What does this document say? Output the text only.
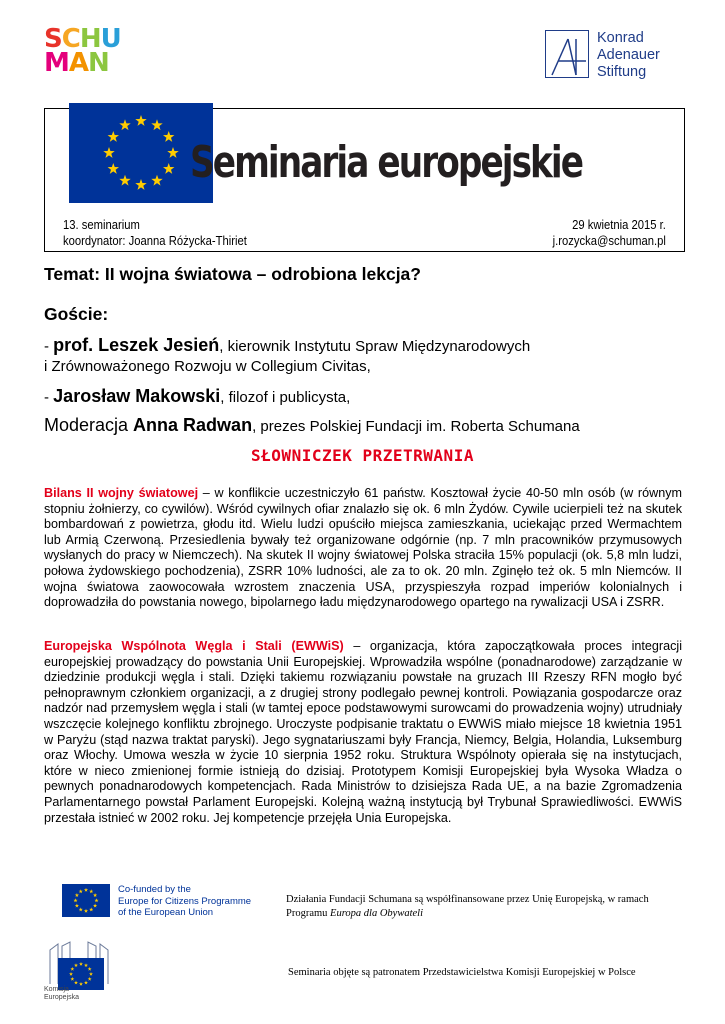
SCHU
MAN
Konrad
Adenauer
Stiftung
Seminaria europejskie
13. seminarium
koordynator: Joanna Różycka-Thiriet
29 kwietnia 2015 r.
j.rozycka@schuman.pl
Temat: II wojna światowa – odrobiona lekcja?
Goście:
- prof. Leszek Jesień, kierownik Instytutu Spraw Międzynarodowych
i Zrównoważonego Rozwoju w Collegium Civitas,
- Jarosław Makowski, filozof i publicysta,
Moderacja Anna Radwan, prezes Polskiej Fundacji im. Roberta Schumana
SŁOWNICZEK PRZETRWANIA
Bilans II wojny światowej – w konflikcie uczestniczyło 61 państw. Kosztował życie 40-50 mln osób (w równym stopniu żołnierzy, co cywilów). Wśród cywilnych ofiar znalazło się ok. 6 mln Żydów. Cywile ucierpieli też na skutek bombardowań z powietrza, głodu itd. Wielu ludzi opuściło miejsca zamieszkania, uciekając przed Wermachtem lub Armią Czerwoną. Przesiedlenia bywały też organizowane odgórnie (np. 7 mln pracowników przymusowych wysłanych do pracy w Niemczech). Na skutek II wojny światowej Polska straciła 15% populacji (ok. 5,8 mln ludzi, połowa żydowskiego pochodzenia), ZSRR 10% ludności, ale za to ok. 20 mln. Zginęło też ok. 5 mln Niemców. II wojna światowa zaowocowała wzrostem znaczenia USA, przyspieszyła rozpad imperiów kolonialnych i doprowadziła do powstania nowego, bipolarnego ładu międzynarodowego opartego na rywalizacji USA i ZSRR.
Europejska Wspólnota Węgla i Stali (EWWiS) – organizacja, która zapoczątkowała proces integracji europejskiej prowadzący do powstania Unii Europejskiej. Wprowadziła wspólne (ponadnarodowe) zarządzanie w dziedzinie produkcji węgla i stali. Dzięki takiemu rozwiązaniu powstałe na gruzach III Rzeszy RFN mogło być pełnoprawnym członkiem organizacji, a z drugiej strony podlegało pewnej kontroli. Powiązania gospodarcze oraz nadzór nad przemysłem węgla i stali (w tamtej epoce podstawowymi surowcami do prowadzenia wojny) utrudniały wszczęcie kolejnego konfliktu zbrojnego. Uroczyste podpisanie traktatu o EWWiS miało miejsce 18 kwietnia 1951 w Paryżu (stąd nazwa traktat paryski). Jego sygnatariuszami były Francja, Niemcy, Belgia, Holandia, Luksemburg oraz Włochy. Umowa weszła w życie 10 sierpnia 1952 roku. Struktura Wspólnoty opierała się na instytucjach, które w nieco zmienionej formie istnieją do dzisiaj. Prototypem Komisji Europejskiej była Wysoka Władza o pewnych ponadnarodowych kompetencjach. Rada Ministrów to dzisiejsza Rada UE, a na bazie Zgromadzenia Parlamentarnego powstał Parlament Europejski. Kolejną ważną instytucją był Trybunał Sprawiedliwości. EWWiS przestała istnieć w 2002 roku. Jej kompetencje przejęła Unia Europejska.
Co-funded by the
Europe for Citizens Programme
of the European Union
Działania Fundacji Schumana są współfinansowane przez Unię Europejską, w ramach Programu Europa dla Obywateli
Komisja
Europejska
Seminaria objęte są patronatem Przedstawicielstwa Komisji Europejskiej w Polsce
